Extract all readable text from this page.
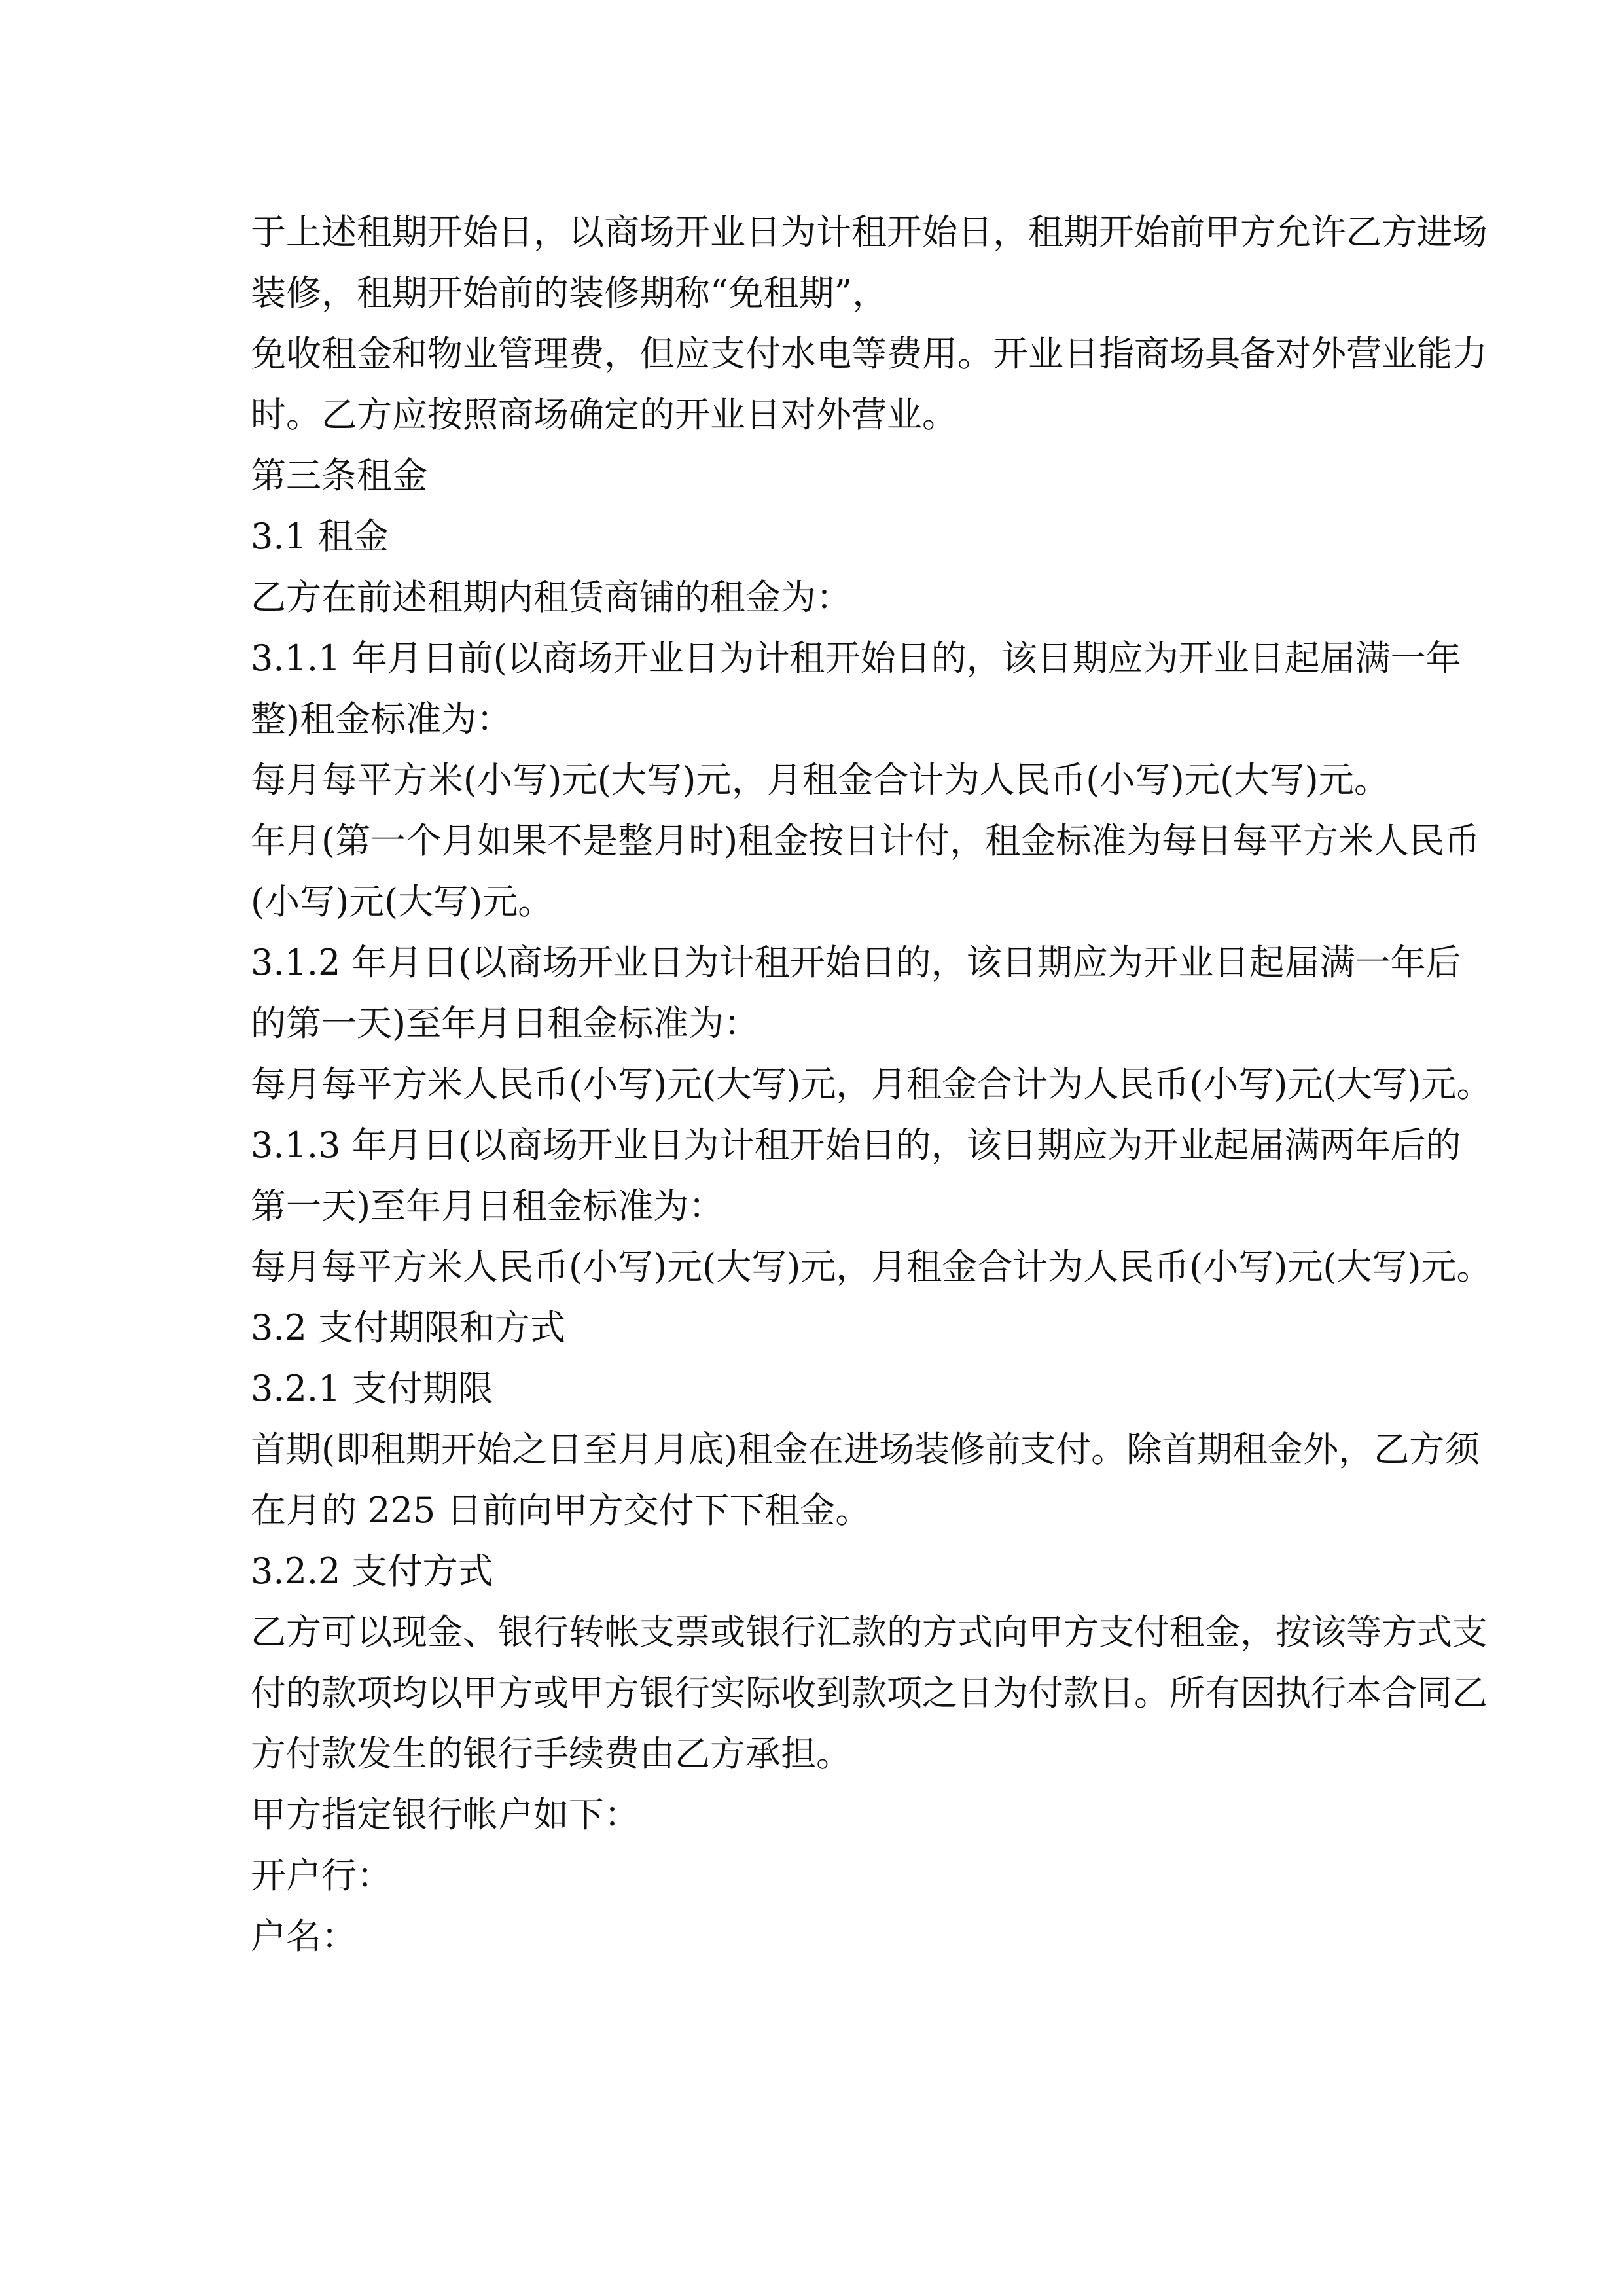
于上述租期开始日，以商场开业日为计租开始日，租期开始前甲方允许乙方进场
装修，租期开始前的装修期称“免租期”，
免收租金和物业管理费，但应支付水电等费用。开业日指商场具备对外营业能力
时。乙方应按照商场确定的开业日对外营业。
第三条租金
3.1 租金
乙方在前述租期内租赁商铺的租金为：
3.1.1 年月日前(以商场开业日为计租开始日的，该日期应为开业日起届满一年
整)租金标准为：
每月每平方米(小写)元(大写)元，月租金合计为人民币(小写)元(大写)元。
年月(第一个月如果不是整月时)租金按日计付，租金标准为每日每平方米人民币
(小写)元(大写)元。
3.1.2 年月日(以商场开业日为计租开始日的，该日期应为开业日起届满一年后
的第一天)至年月日租金标准为：
每月每平方米人民币(小写)元(大写)元，月租金合计为人民币(小写)元(大写)元。
3.1.3 年月日(以商场开业日为计租开始日的，该日期应为开业起届满两年后的
第一天)至年月日租金标准为：
每月每平方米人民币(小写)元(大写)元，月租金合计为人民币(小写)元(大写)元。
3.2 支付期限和方式
3.2.1 支付期限
首期(即租期开始之日至月月底)租金在进场装修前支付。除首期租金外，乙方须
在月的 225 日前向甲方交付下下租金。
3.2.2 支付方式
乙方可以现金、银行转帐支票或银行汇款的方式向甲方支付租金，按该等方式支
付的款项均以甲方或甲方银行实际收到款项之日为付款日。所有因执行本合同乙
方付款发生的银行手续费由乙方承担。
甲方指定银行帐户如下：
开户行：
户名：
